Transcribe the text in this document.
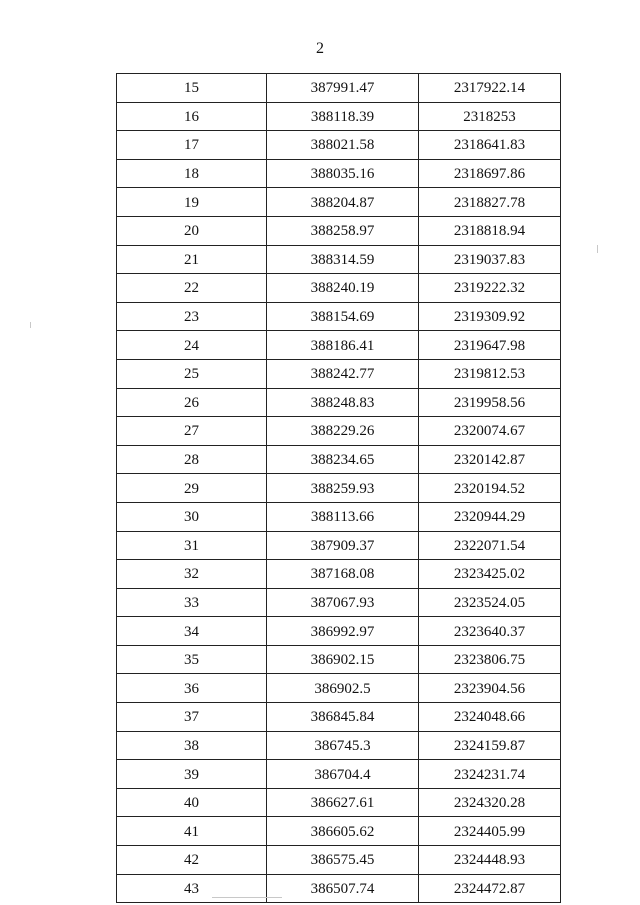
2
15	387991.47	2317922.14
16	388118.39	2318253
17	388021.58	2318641.83
18	388035.16	2318697.86
19	388204.87	2318827.78
20	388258.97	2318818.94
21	388314.59	2319037.83
22	388240.19	2319222.32
23	388154.69	2319309.92
24	388186.41	2319647.98
25	388242.77	2319812.53
26	388248.83	2319958.56
27	388229.26	2320074.67
28	388234.65	2320142.87
29	388259.93	2320194.52
30	388113.66	2320944.29
31	387909.37	2322071.54
32	387168.08	2323425.02
33	387067.93	2323524.05
34	386992.97	2323640.37
35	386902.15	2323806.75
36	386902.5	2323904.56
37	386845.84	2324048.66
38	386745.3	2324159.87
39	386704.4	2324231.74
40	386627.61	2324320.28
41	386605.62	2324405.99
42	386575.45	2324448.93
43	386507.74	2324472.87
